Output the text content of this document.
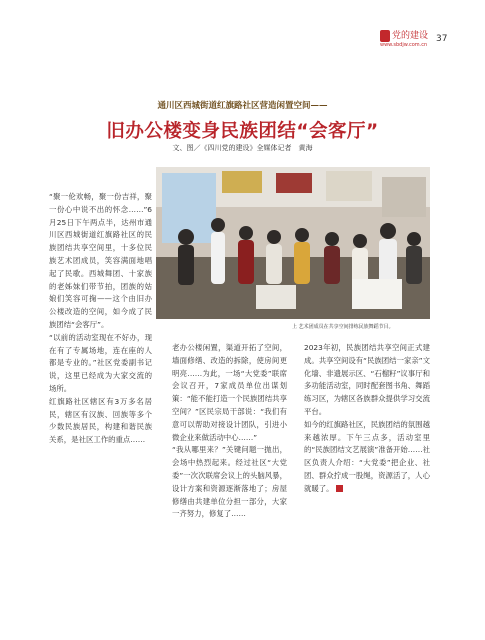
党的建设
www.sbdjw.com.cn
37
通川区西城街道红旗路社区营造闲置空间——
旧办公楼变身民族团结“会客厅”
文、图／《四川党的建设》全媒体记者　黄海
上 艺术团成员在共享空间排练民族舞蹈节目。

“聚一伦欢畅，聚一份吉祥，聚一份心中说不出的怀念……”6月25日下午两点半，达州市通川区西城街道红旗路社区的民族团结共享空间里，十多位民族艺术团成员，笑容满面地唱起了民歌。西城舞团、十家族的老姊妹们带节拍，团族的姑娘们笑容可掬——这个由旧办公楼改造的空间，如今成了民族团结“会客厅”。

“以前的活动室现在不好办，现在有了专属场地，连在座的人都是专业的。”社区党委副书记说，这里已经成为大家交流的场所。

红旗路社区辖区有3万多名居民，辖区有汉族、回族等多个少数民族居民，构建和谐民族关系，是社区工作的重点……

老办公楼闲置，渠道开拓了空间，墙面修缮、改造的拆除，使房间更明亮……为此，一场“大党委”联席会议召开，7家成员单位出谋划策：“能不能打造一个民族团结共享空间？”区民宗局干部说：“我们有意可以帮助对接设计团队，引进小微企业来做活动中心……”

“我从哪里来？”关键问题一抛出，会场中热烈起来。经过社区“大党委”一次次联席会议上的头脑风暴，设计方案和资源逐渐落地了；房屋修缮由共建单位分担一部分，大家一齐努力，修复了……

2023年初，民族团结共享空间正式建成。共享空间设有“民族团结一家亲”文化墙、非遗展示区、“石榴籽”议事厅和多功能活动室，同时配套图书角、舞蹈练习区，为辖区各族群众提供学习交流平台。

如今的红旗路社区，民族团结的氛围越来越浓厚。下午三点多，活动室里的“民族团结文艺展演”准备开始……社区负责人介绍：“大党委”把企业、社团、群众拧成一股绳，资源活了，人心就暖了。
